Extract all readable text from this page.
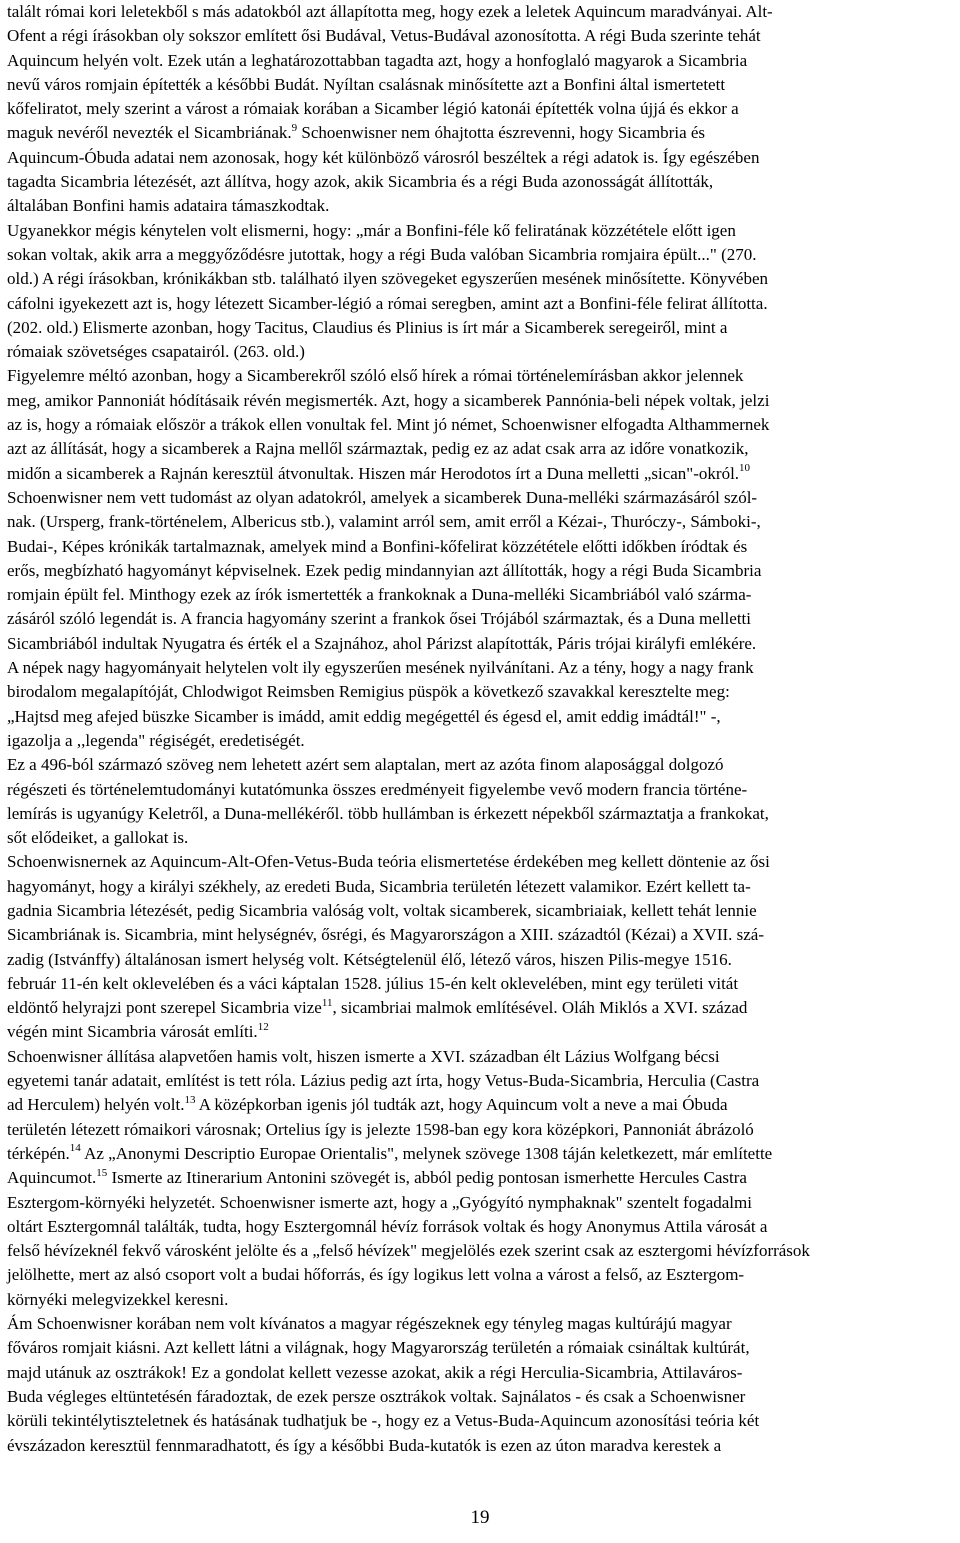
talált római kori leletekből s más adatokból azt állapította meg, hogy ezek a leletek Aquincum maradványai. Alt-
Ofent a régi írásokban oly sokszor említett ősi Budával, Vetus-Budával azonosította. A régi Buda szerinte tehát
Aquincum helyén volt. Ezek után a leghatározottabban tagadta azt, hogy a honfoglaló magyarok a Sicambria
nevű város romjain építették a későbbi Budát. Nyíltan csalásnak minősítette azt a Bonfini által ismertetett
kőfeliratot, mely szerint a várost a rómaiak korában a Sicamber légió katonái építették volna újjá és ekkor a
maguk nevéről nevezték el Sicambriának.$^9$ Schoenwisner nem óhajtotta észrevenni, hogy Sicambria és
Aquincum-Óbuda adatai nem azonosak, hogy két különböző városról beszéltek a régi adatok is. Így egészében
tagadta Sicambria létezését, azt állítva, hogy azok, akik Sicambria és a régi Buda azonosságát állították,
általában Bonfini hamis adataira támaszkodtak.
Ugyanekkor mégis kénytelen volt elismerni, hogy: „már a Bonfini-féle kő feliratának közzététele előtt igen
sokan voltak, akik arra a meggyőződésre jutottak, hogy a régi Buda valóban Sicambria romjaira épült..." (270.
old.) A régi írásokban, krónikákban stb. található ilyen szövegeket egyszerűen mesének minősítette. Könyvében
cáfolni igyekezett azt is, hogy létezett Sicamber-légió a római seregben, amint azt a Bonfini-féle felirat állította.
(202. old.) Elismerte azonban, hogy Tacitus, Claudius és Plinius is írt már a Sicamberek seregeiről, mint a
rómaiak szövetséges csapatairól. (263. old.)
Figyelemre méltó azonban, hogy a Sicamberekről szóló első hírek a római történelemírásban akkor jelennek
meg, amikor Pannoniát hódításaik révén megismerték. Azt, hogy a sicamberek Pannónia-beli népek voltak, jelzi
az is, hogy a rómaiak először a trákok ellen vonultak fel. Mint jó német, Schoenwisner elfogadta Althammernek
azt az állítását, hogy a sicamberek a Rajna mellől származtak, pedig ez az adat csak arra az időre vonatkozik,
midőn a sicamberek a Rajnán keresztül átvonultak. Hiszen már Herodotos írt a Duna melletti „sican"-okról.$^{10}$
Schoenwisner nem vett tudomást az olyan adatokról, amelyek a sicamberek Duna-melléki származásáról szól-
nak. (Ursperg, frank-történelem, Albericus stb.), valamint arról sem, amit erről a Kézai-, Thuróczy-, Sámboki-,
Budai-, Képes krónikák tartalmaznak, amelyek mind a Bonfini-kőfelirat közzététele előtti időkben íródtak és
erős, megbízható hagyományt képviselnek. Ezek pedig mindannyian azt állították, hogy a régi Buda Sicambria
romjain épült fel. Minthogy ezek az írók ismertették a frankoknak a Duna-melléki Sicambriából való szárma-
zásáról szóló legendát is. A francia hagyomány szerint a frankok ősei Trójából származtak, és a Duna melletti
Sicambriából indultak Nyugatra és érték el a Szajnához, ahol Párizst alapították, Páris trójai királyfi emlékére.
A népek nagy hagyományait helytelen volt ily egyszerűen mesének nyilvánítani. Az a tény, hogy a nagy frank
birodalom megalapítóját, Chlodwigot Reimsben Remigius püspök a következő szavakkal keresztelte meg:
„Hajtsd meg afejed büszke Sicamber is imádd, amit eddig megégettél és égesd el, amit eddig imádtál!" -,
igazolja a ,,legenda" régiségét, eredetiségét.
Ez a 496-ból származó szöveg nem lehetett azért sem alaptalan, mert az azóta finom alaposággal dolgozó
régészeti és történelemtudományi kutatómunka összes eredményeit figyelembe vevő modern francia történe-
lemírás is ugyanúgy Keletről, a Duna-mellékéről. több hullámban is érkezett népekből származtatja a frankokat,
sőt elődeiket, a gallokat is.
Schoenwisnernek az Aquincum-Alt-Ofen-Vetus-Buda teória elismertetése érdekében meg kellett döntenie az ősi
hagyományt, hogy a királyi székhely, az eredeti Buda, Sicambria területén létezett valamikor. Ezért kellett ta-
gadnia Sicambria létezését, pedig Sicambria valóság volt, voltak sicamberek, sicambriaiak, kellett tehát lennie
Sicambriának is. Sicambria, mint helységnév, ősrégi, és Magyarországon a XIII. századtól (Kézai) a XVII. szá-
zadig (Istvánffy) általánosan ismert helység volt. Kétségtelenül élő, létező város, hiszen Pilis-megye 1516.
február 11-én kelt oklevelében és a váci káptalan 1528. július 15-én kelt oklevelében, mint egy területi vitát
eldöntő helyrajzi pont szerepel Sicambria vize$^{11}$, sicambriai malmok említésével. Oláh Miklós a XVI. század
végén mint Sicambria városát említi.$^{12}$
Schoenwisner állítása alapvetően hamis volt, hiszen ismerte a XVI. században élt Lázius Wolfgang bécsi
egyetemi tanár adatait, említést is tett róla. Lázius pedig azt írta, hogy Vetus-Buda-Sicambria, Herculia (Castra
ad Herculem) helyén volt.$^{13}$ A középkorban igenis jól tudták azt, hogy Aquincum volt a neve a mai Óbuda
területén létezett rómaikori városnak; Ortelius így is jelezte 1598-ban egy kora középkori, Pannoniát ábrázoló
térképén.$^{14}$ Az „Anonymi Descriptio Europae Orientalis", melynek szövege 1308 táján keletkezett, már említette
Aquincumot.$^{15}$ Ismerte az Itinerarium Antonini szövegét is, abból pedig pontosan ismerhette Hercules Castra
Esztergom-környéki helyzetét. Schoenwisner ismerte azt, hogy a „Gyógyító nymphaknak" szentelt fogadalmi
oltárt Esztergomnál találták, tudta, hogy Esztergomnál hévíz források voltak és hogy Anonymus Attila városát a
felső hévízeknél fekvő városként jelölte és a „felső hévízek" megjelölés ezek szerint csak az esztergomi hévízforrások
jelölhette, mert az alsó csoport volt a budai hőforrás, és így logikus lett volna a várost a felső, az Esztergom-
környéki melegvizekkel keresni.
Ám Schoenwisner korában nem volt kívánatos a magyar régészeknek egy tényleg magas kultúrájú magyar
főváros romjait kiásni. Azt kellett látni a világnak, hogy Magyarország területén a rómaiak csináltak kultúrát,
majd utánuk az osztrákok! Ez a gondolat kellett vezesse azokat, akik a régi Herculia-Sicambria, Attilaváros-
Buda végleges eltüntetésén fáradoztak, de ezek persze osztrákok voltak. Sajnálatos - és csak a Schoenwisner
körüli tekintélytiszteletnek és hatásának tudhatjuk be -, hogy ez a Vetus-Buda-Aquincum azonosítási teória két
évszázadon keresztül fennmaradhatott, és így a későbbi Buda-kutatók is ezen az úton maradva kerestek a
19
